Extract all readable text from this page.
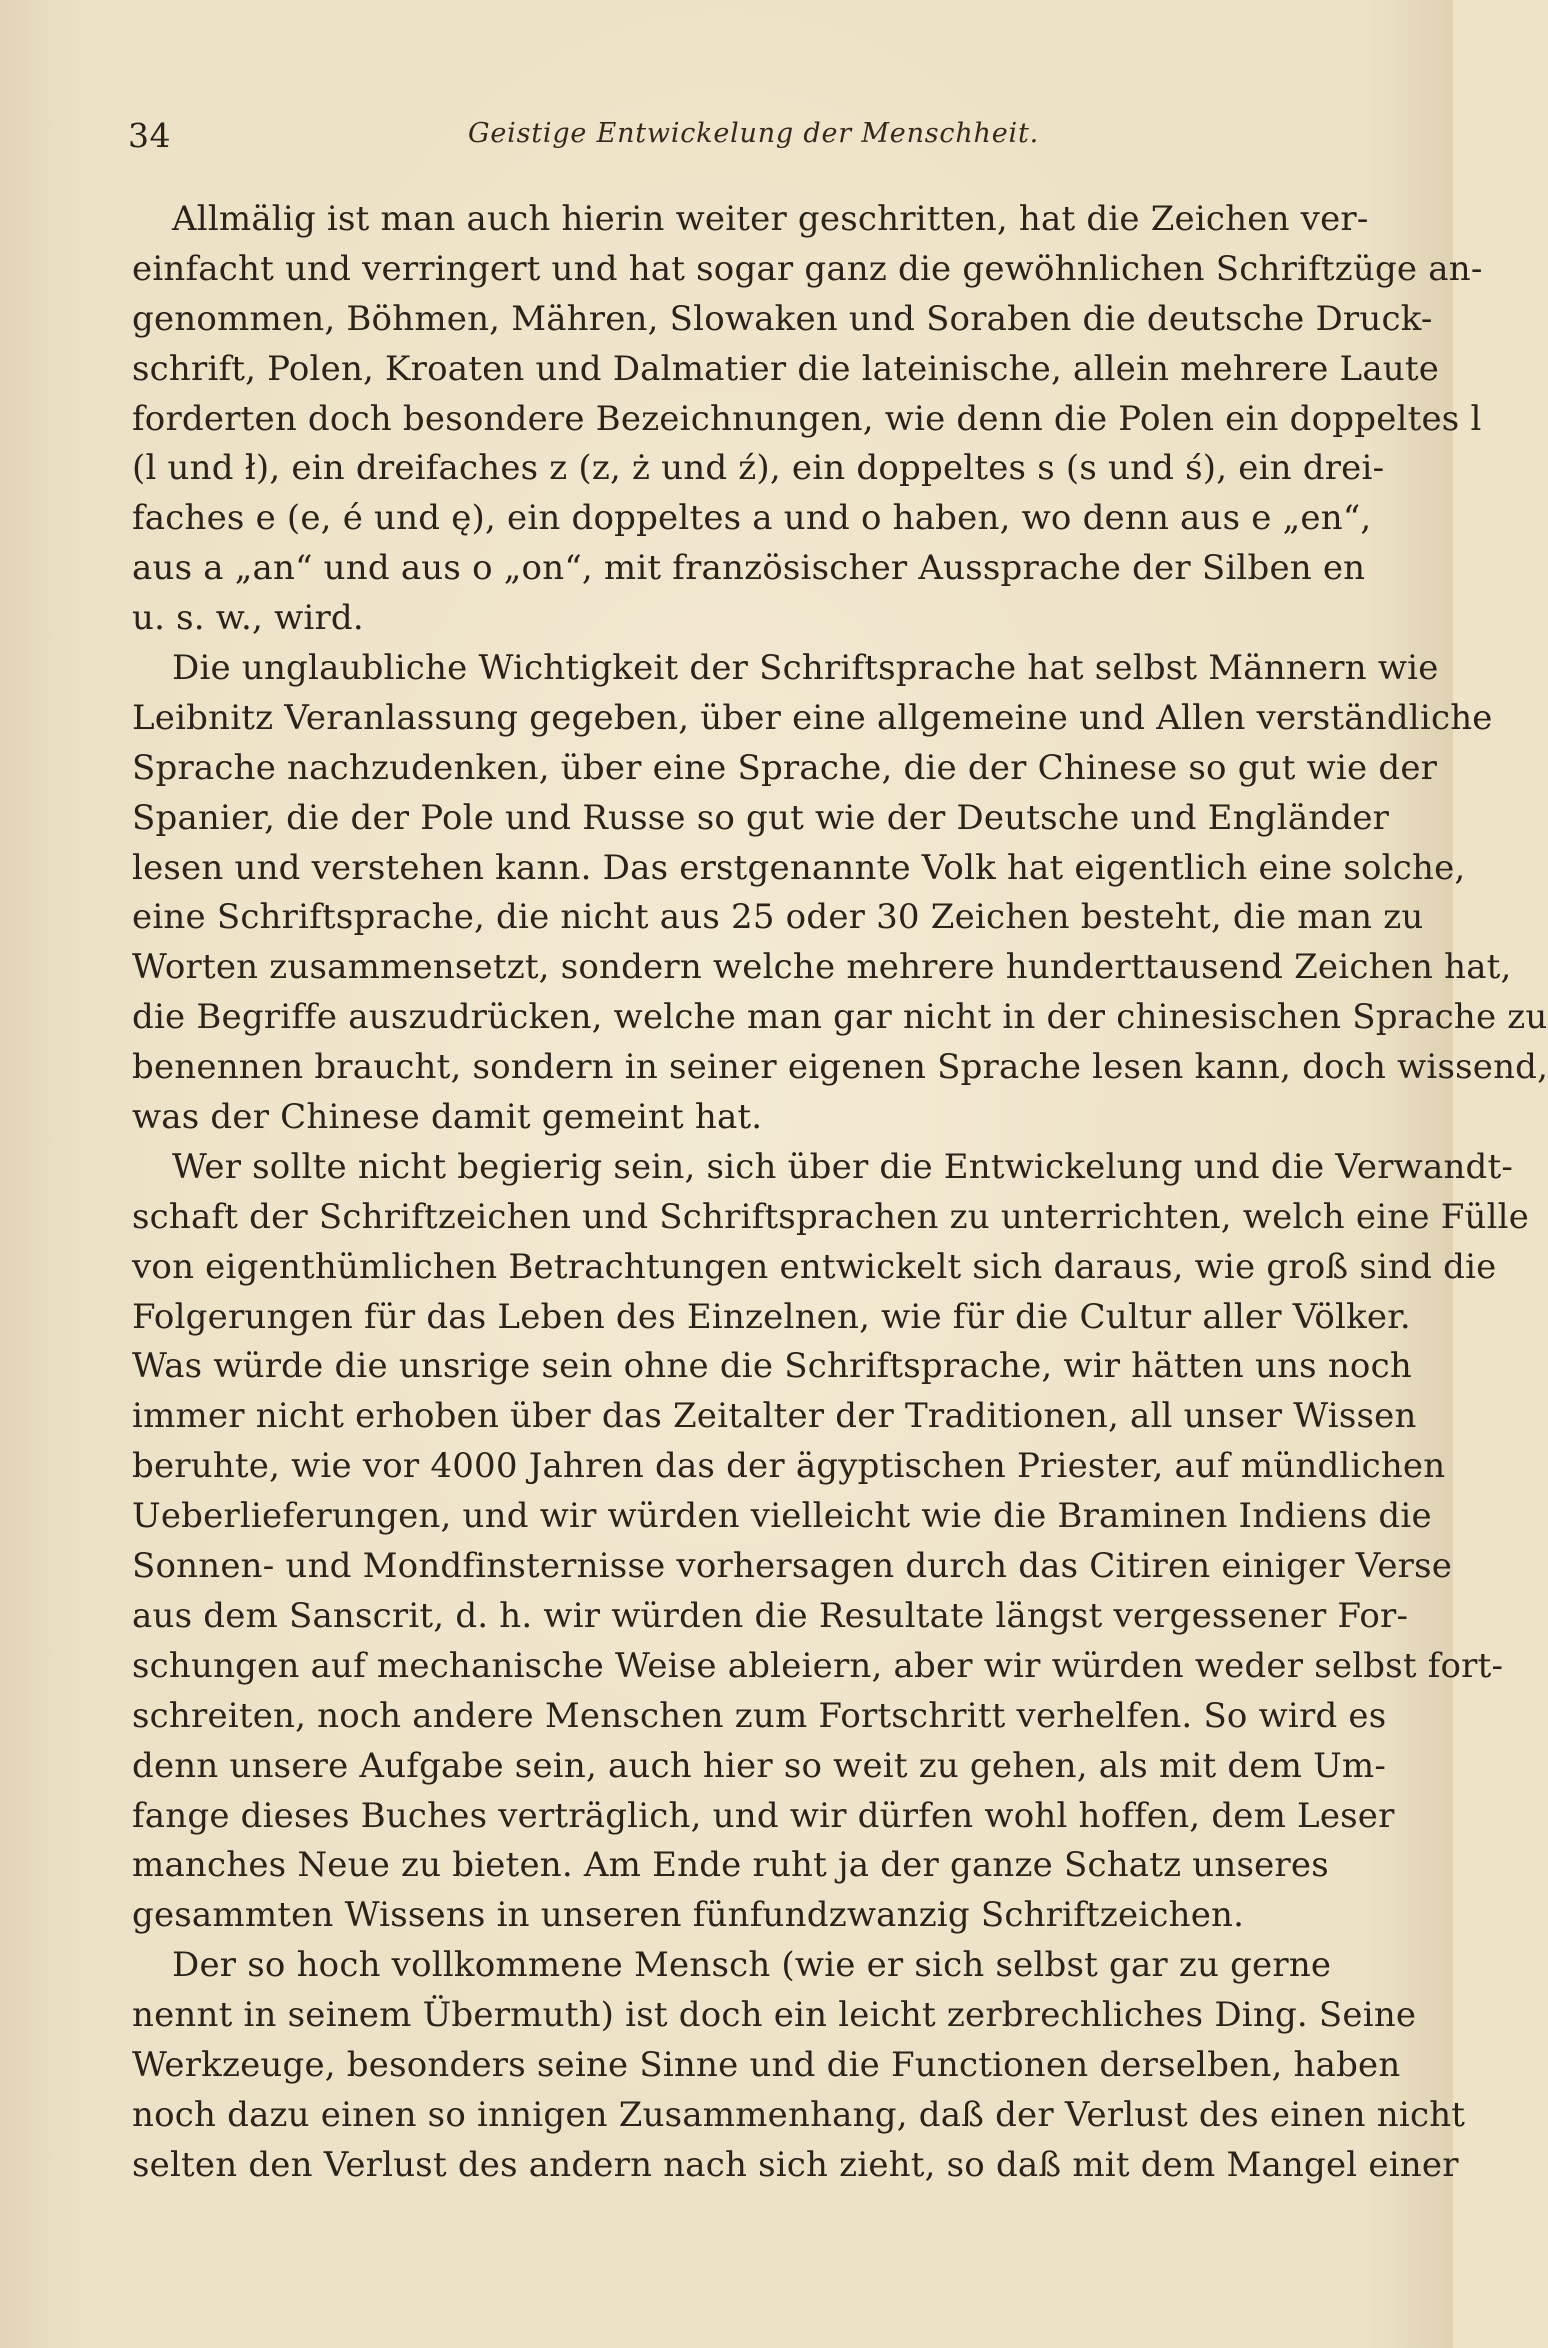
34	Geistige Entwickelung der Menschheit.
Allmälig ist man auch hierin weiter geschritten, hat die Zeichen ver-
einfacht und verringert und hat sogar ganz die gewöhnlichen Schriftzüge an-
genommen, Böhmen, Mähren, Slowaken und Soraben die deutsche Druck-
schrift, Polen, Kroaten und Dalmatier die lateinische, allein mehrere Laute
forderten doch besondere Bezeichnungen, wie denn die Polen ein doppeltes l
(l und ł), ein dreifaches z (z, ż und ź), ein doppeltes s (s und ś), ein drei-
faches e (e, é und ę), ein doppeltes a und o haben, wo denn aus e „en“,
aus a „an“ und aus o „on“, mit französischer Aussprache der Silben en
u. s. w., wird.
Die unglaubliche Wichtigkeit der Schriftsprache hat selbst Männern wie
Leibnitz Veranlassung gegeben, über eine allgemeine und Allen verständliche
Sprache nachzudenken, über eine Sprache, die der Chinese so gut wie der
Spanier, die der Pole und Russe so gut wie der Deutsche und Engländer
lesen und verstehen kann. Das erstgenannte Volk hat eigentlich eine solche,
eine Schriftsprache, die nicht aus 25 oder 30 Zeichen besteht, die man zu
Worten zusammensetzt, sondern welche mehrere hunderttausend Zeichen hat,
die Begriffe auszudrücken, welche man gar nicht in der chinesischen Sprache zu
benennen braucht, sondern in seiner eigenen Sprache lesen kann, doch wissend,
was der Chinese damit gemeint hat.
Wer sollte nicht begierig sein, sich über die Entwickelung und die Verwandt-
schaft der Schriftzeichen und Schriftsprachen zu unterrichten, welch eine Fülle
von eigenthümlichen Betrachtungen entwickelt sich daraus, wie groß sind die
Folgerungen für das Leben des Einzelnen, wie für die Cultur aller Völker.
Was würde die unsrige sein ohne die Schriftsprache, wir hätten uns noch
immer nicht erhoben über das Zeitalter der Traditionen, all unser Wissen
beruhte, wie vor 4000 Jahren das der ägyptischen Priester, auf mündlichen
Ueberlieferungen, und wir würden vielleicht wie die Braminen Indiens die
Sonnen- und Mondfinsternisse vorhersagen durch das Citiren einiger Verse
aus dem Sanscrit, d. h. wir würden die Resultate längst vergessener For-
schungen auf mechanische Weise ableiern, aber wir würden weder selbst fort-
schreiten, noch andere Menschen zum Fortschritt verhelfen. So wird es
denn unsere Aufgabe sein, auch hier so weit zu gehen, als mit dem Um-
fange dieses Buches verträglich, und wir dürfen wohl hoffen, dem Leser
manches Neue zu bieten. Am Ende ruht ja der ganze Schatz unseres
gesammten Wissens in unseren fünfundzwanzig Schriftzeichen.
Der so hoch vollkommene Mensch (wie er sich selbst gar zu gerne
nennt in seinem Übermuth) ist doch ein leicht zerbrechliches Ding. Seine
Werkzeuge, besonders seine Sinne und die Functionen derselben, haben
noch dazu einen so innigen Zusammenhang, daß der Verlust des einen nicht
selten den Verlust des andern nach sich zieht, so daß mit dem Mangel einer
